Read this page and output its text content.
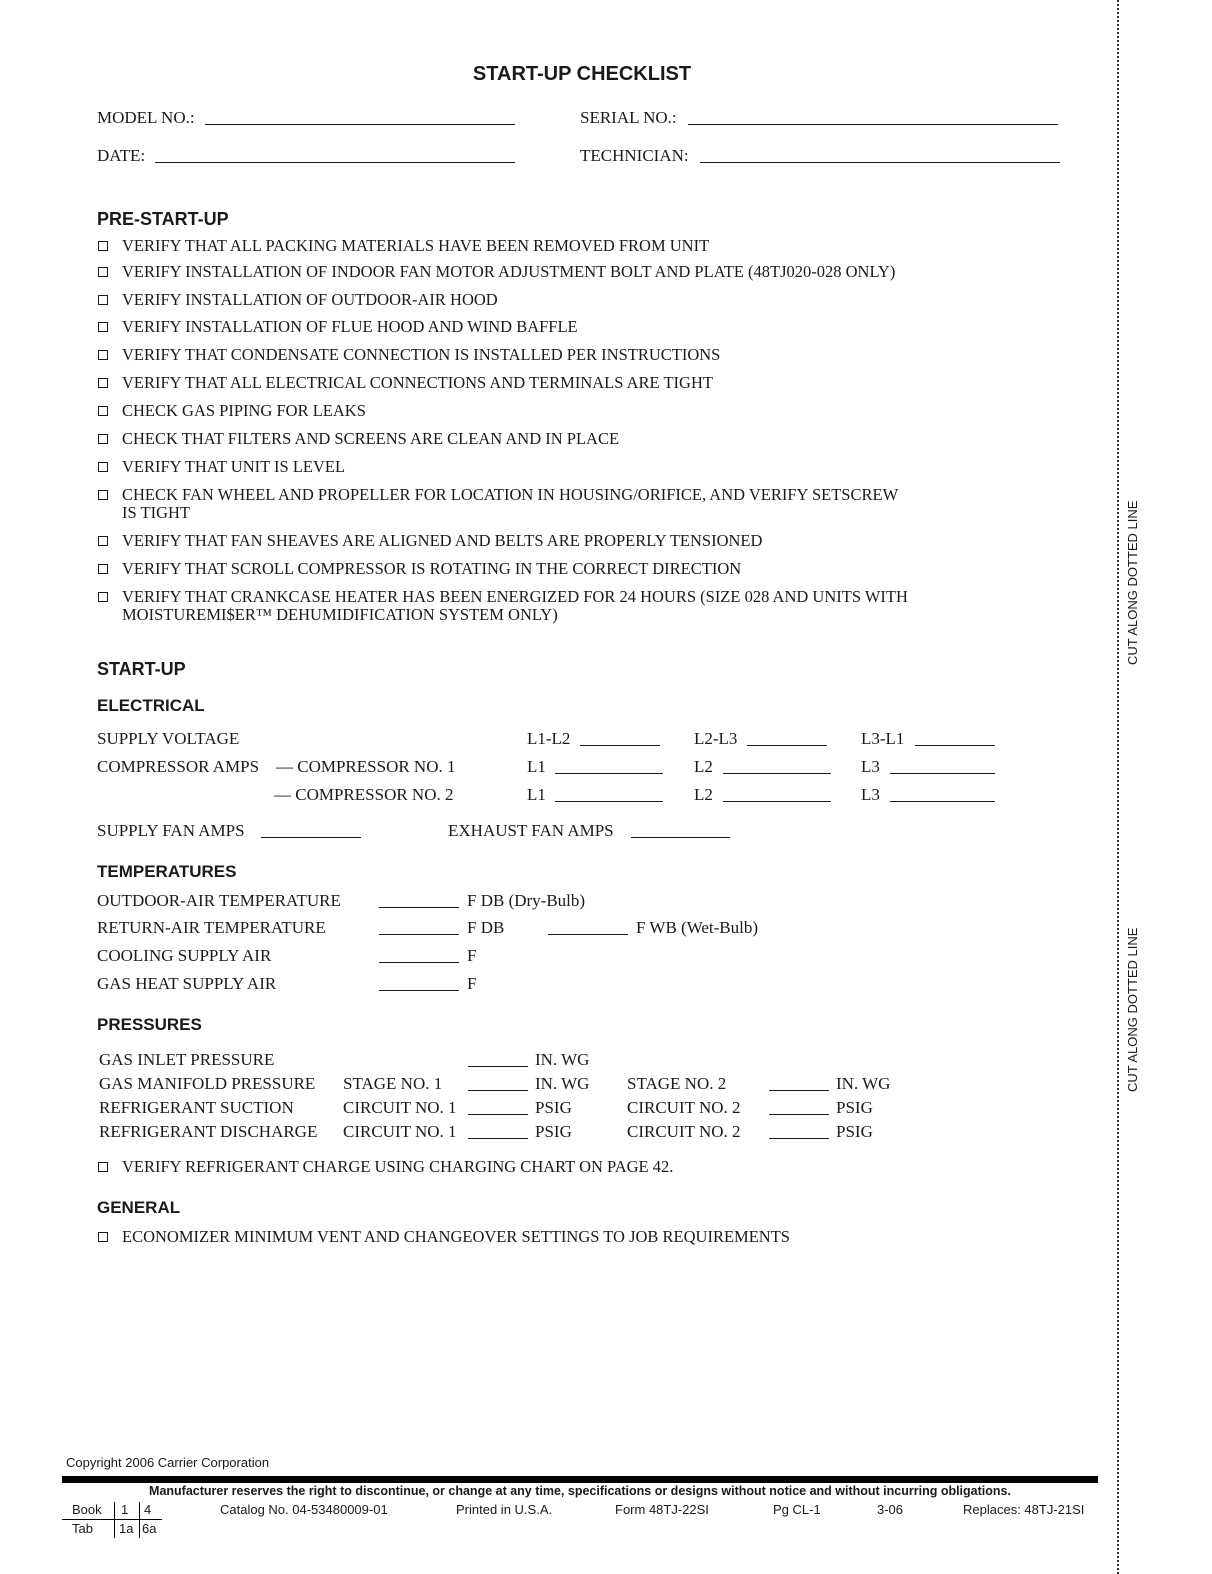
START-UP CHECKLIST
MODEL NO.:	SERIAL NO.:
DATE:	TECHNICIAN:
PRE-START-UP
VERIFY THAT ALL PACKING MATERIALS HAVE BEEN REMOVED FROM UNIT
VERIFY INSTALLATION OF INDOOR FAN MOTOR ADJUSTMENT BOLT AND PLATE (48TJ020-028 ONLY)
VERIFY INSTALLATION OF OUTDOOR-AIR HOOD
VERIFY INSTALLATION OF FLUE HOOD AND WIND BAFFLE
VERIFY THAT CONDENSATE CONNECTION IS INSTALLED PER INSTRUCTIONS
VERIFY THAT ALL ELECTRICAL CONNECTIONS AND TERMINALS ARE TIGHT
CHECK GAS PIPING FOR LEAKS
CHECK THAT FILTERS AND SCREENS ARE CLEAN AND IN PLACE
VERIFY THAT UNIT IS LEVEL
CHECK FAN WHEEL AND PROPELLER FOR LOCATION IN HOUSING/ORIFICE, AND VERIFY SETSCREW
IS TIGHT
VERIFY THAT FAN SHEAVES ARE ALIGNED AND BELTS ARE PROPERLY TENSIONED
VERIFY THAT SCROLL COMPRESSOR IS ROTATING IN THE CORRECT DIRECTION
VERIFY THAT CRANKCASE HEATER HAS BEEN ENERGIZED FOR 24 HOURS (SIZE 028 AND UNITS WITH
MOISTUREMI$ER™ DEHUMIDIFICATION SYSTEM ONLY)
START-UP
ELECTRICAL
SUPPLY VOLTAGE	L1-L2	L2-L3	L3-L1
COMPRESSOR AMPS — COMPRESSOR NO. 1	L1	L2	L3
— COMPRESSOR NO. 2	L1	L2	L3
SUPPLY FAN AMPS	EXHAUST FAN AMPS
TEMPERATURES
OUTDOOR-AIR TEMPERATURE	F DB (Dry-Bulb)
RETURN-AIR TEMPERATURE	F DB	F WB (Wet-Bulb)
COOLING SUPPLY AIR	F
GAS HEAT SUPPLY AIR	F
PRESSURES
GAS INLET PRESSURE	IN. WG
GAS MANIFOLD PRESSURE STAGE NO. 1	IN. WG STAGE NO. 2	IN. WG
REFRIGERANT SUCTION	CIRCUIT NO. 1	PSIG	CIRCUIT NO. 2	PSIG
REFRIGERANT DISCHARGE CIRCUIT NO. 1	PSIG	CIRCUIT NO. 2	PSIG
VERIFY REFRIGERANT CHARGE USING CHARGING CHART ON PAGE 42.
GENERAL
ECONOMIZER MINIMUM VENT AND CHANGEOVER SETTINGS TO JOB REQUIREMENTS
CUT ALONG DOTTED LINE
CUT ALONG DOTTED LINE
Copyright 2006 Carrier Corporation
Manufacturer reserves the right to discontinue, or change at any time, specifications or designs without notice and without incurring obligations.
Book 1 4
Tab 1a 6a
Catalog No. 04-53480009-01	Printed in U.S.A.	Form 48TJ-22SI	Pg CL-1	3-06	Replaces: 48TJ-21SI
